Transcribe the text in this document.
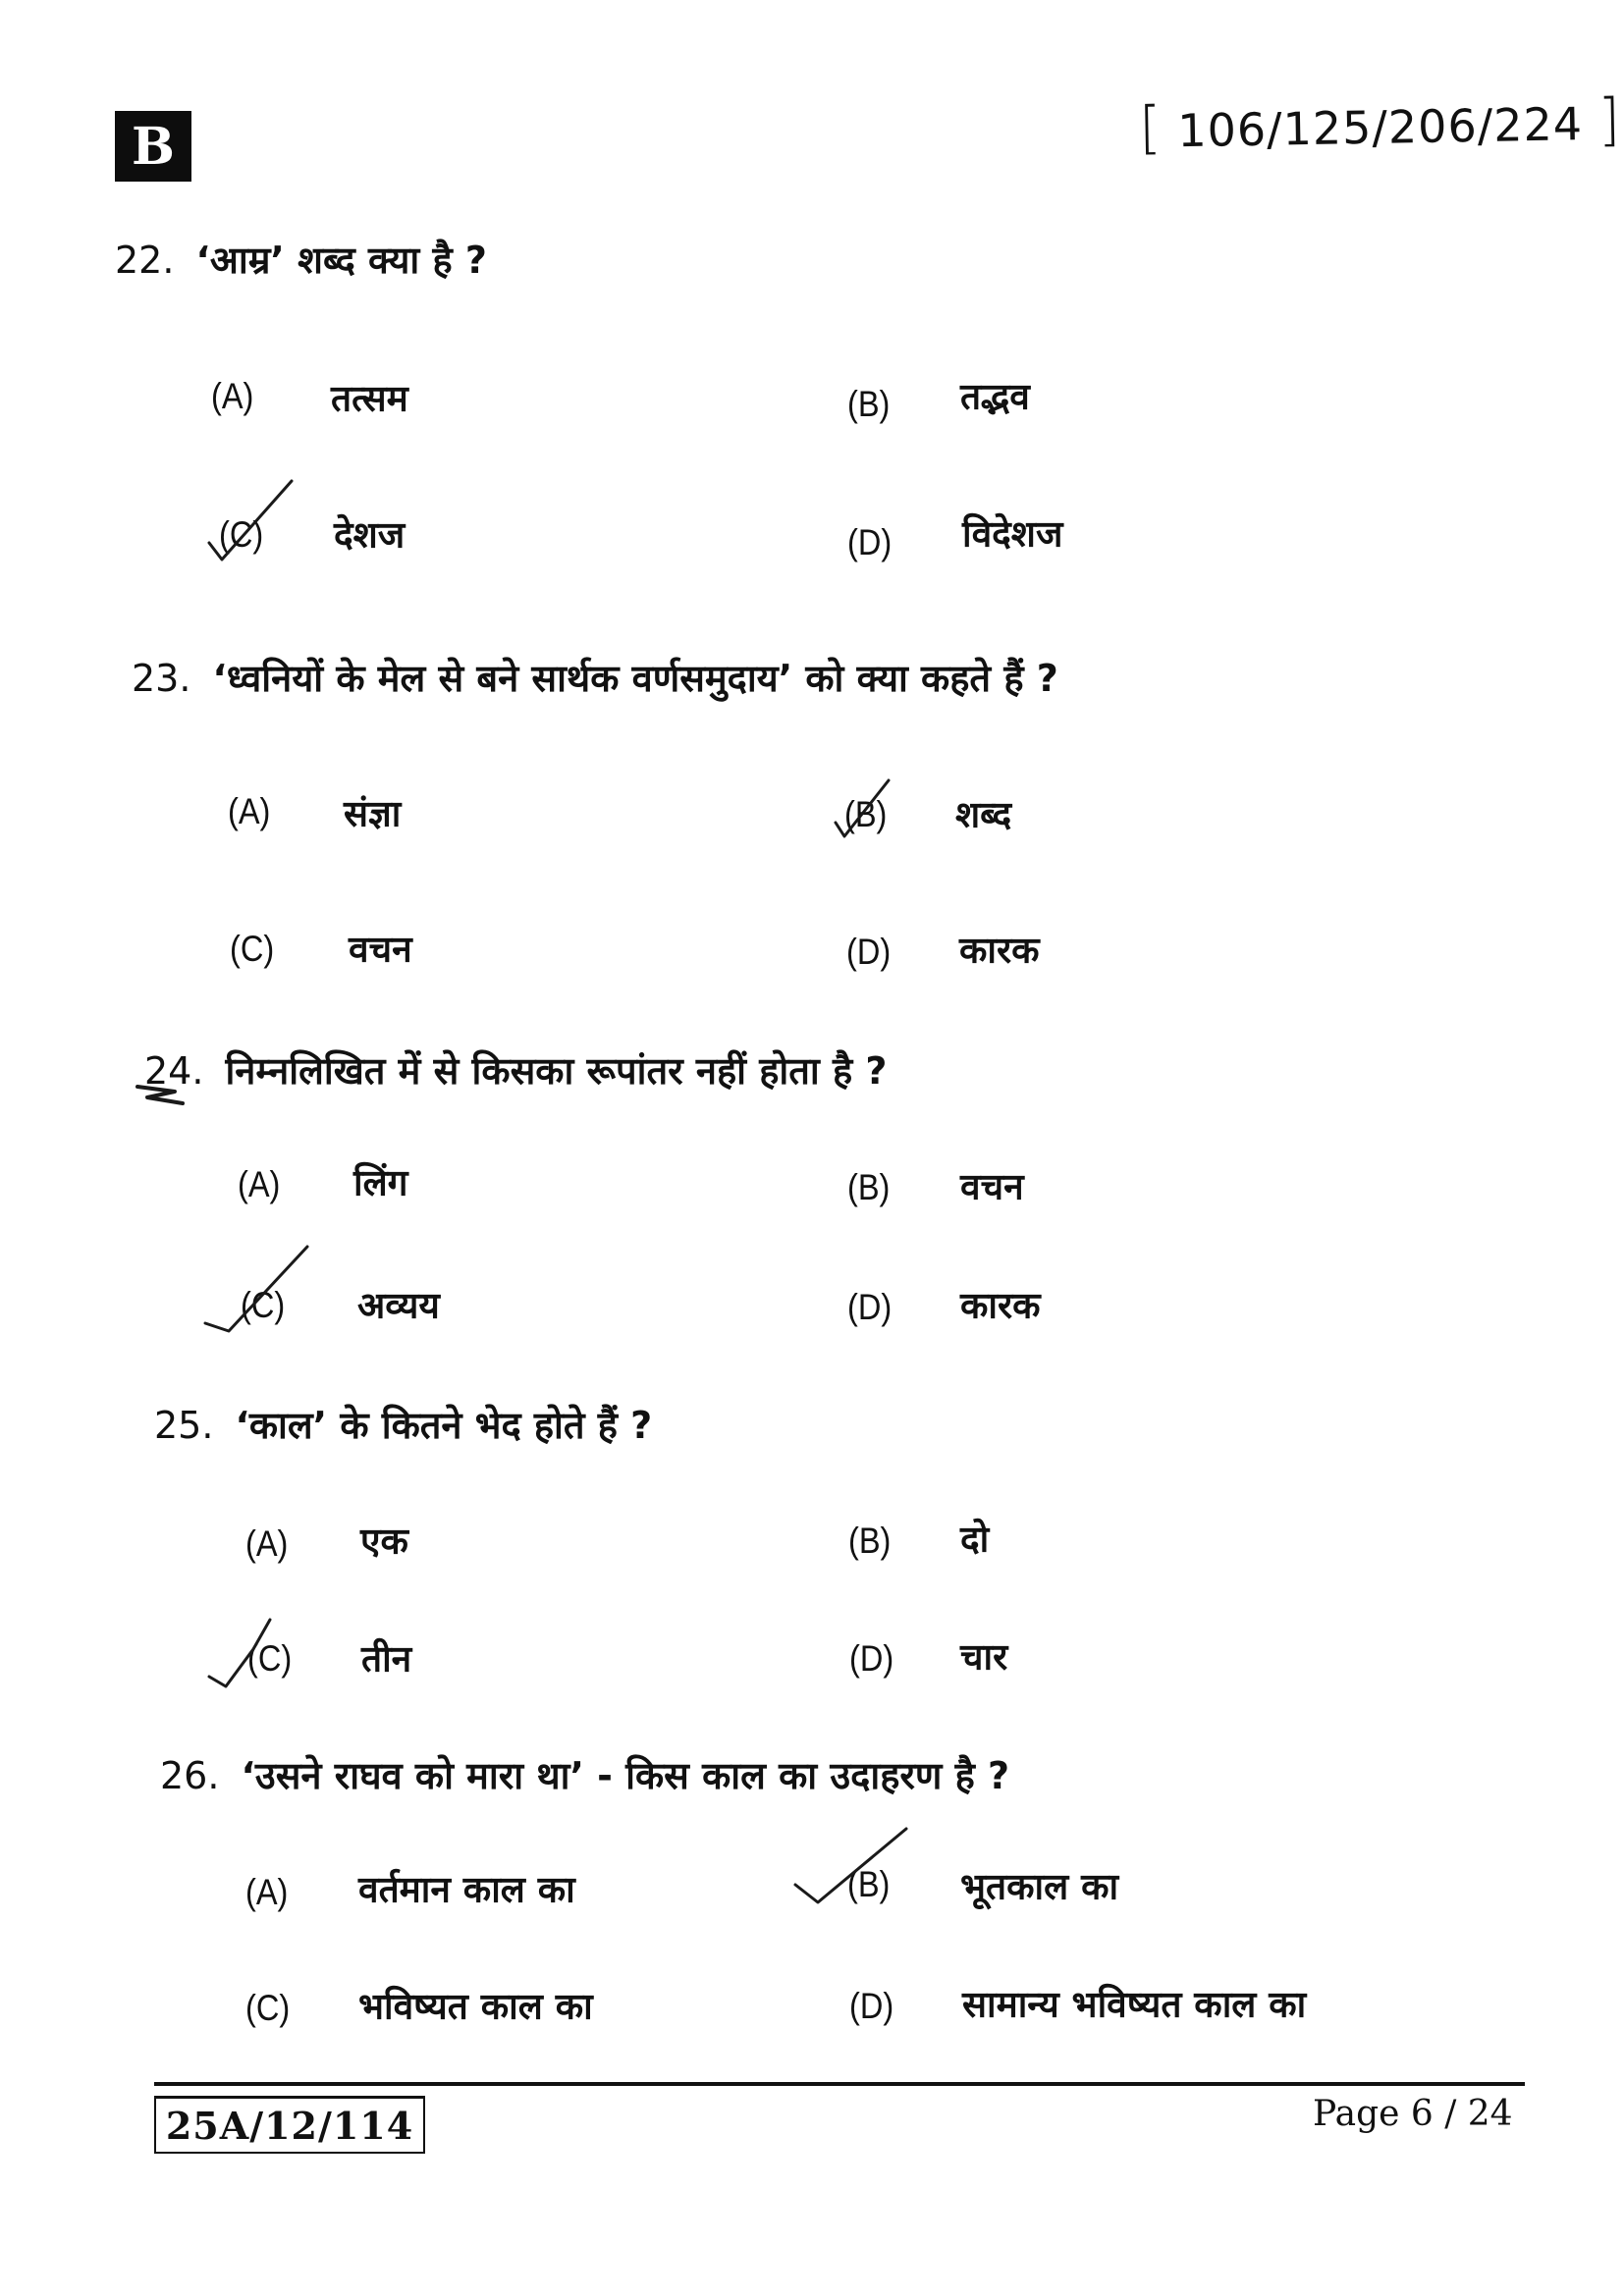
B	[ 106/125/206/224 ]
22. ‘आम्र’ शब्द क्या है ?
(A) तत्सम	(B) तद्भव
(C) देशज	(D) विदेशज
23. ‘ध्वनियों के मेल से बने सार्थक वर्णसमुदाय’ को क्या कहते हैं ?
(A) संज्ञा	(B) शब्द
(C) वचन	(D) कारक
24. निम्नलिखित में से किसका रूपांतर नहीं होता है ?
(A) लिंग	(B) वचन
(C) अव्यय	(D) कारक
25. ‘काल’ के कितने भेद होते हैं ?
(A) एक	(B) दो
(C) तीन	(D) चार
26. ‘उसने राघव को मारा था’ - किस काल का उदाहरण है ?
(A) वर्तमान काल का	(B) भूतकाल का
(C) भविष्यत काल का	(D) सामान्य भविष्यत काल का
25A/12/114	Page 6 / 24
